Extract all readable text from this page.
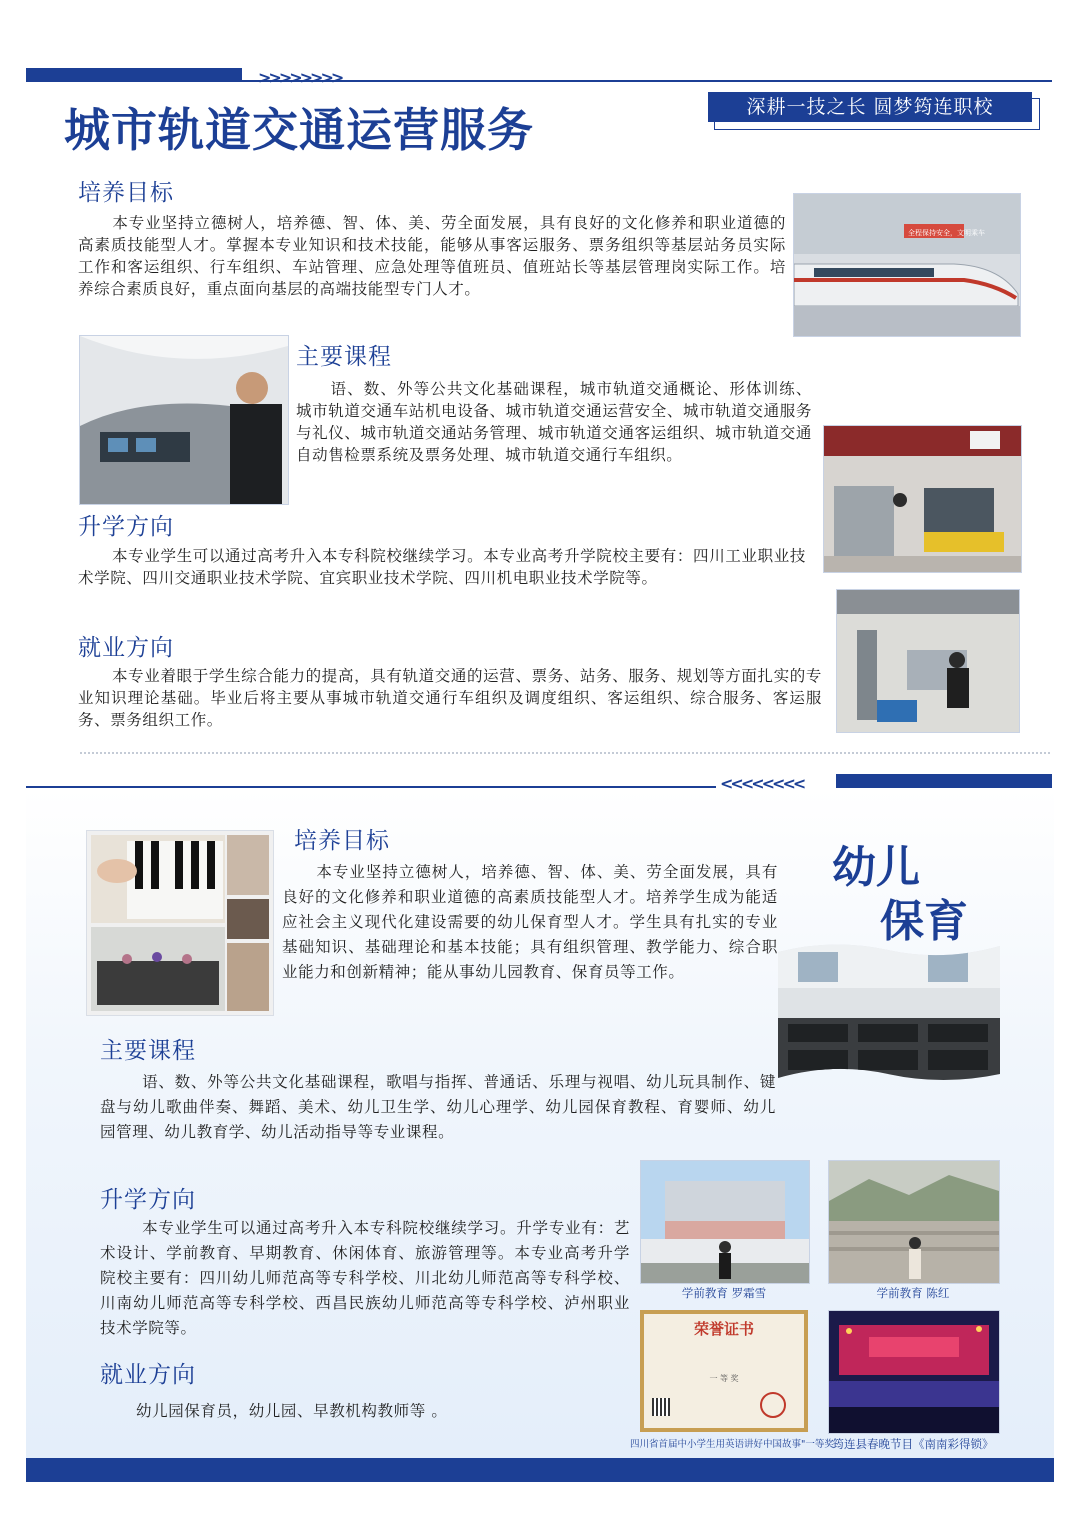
>>>>>>>>
深耕一技之长 圆梦筠连职校
城市轨道交通运营服务
培养目标

本专业坚持立德树人，培养德、智、体、美、劳全面发展，具有良好的文化修养和职业道德的高素质技能型人才。掌握本专业知识和技术技能，能够从事客运服务、票务组织等基层站务员实际工作和客运组织、行车组织、车站管理、应急处理等值班员、值班站长等基层管理岗实际工作。培养综合素质良好，重点面向基层的高端技能型专门人才。

全程保持安全，文明乘车
主要课程

语、数、外等公共文化基础课程，城市轨道交通概论、形体训练、城市轨道交通车站机电设备、城市轨道交通运营安全、城市轨道交通服务与礼仪、城市轨道交通站务管理、城市轨道交通客运组织、城市轨道交通自动售检票系统及票务处理、城市轨道交通行车组织。

升学方向

本专业学生可以通过高考升入本专科院校继续学习。本专业高考升学院校主要有：四川工业职业技术学院、四川交通职业技术学院、宜宾职业技术学院、四川机电职业技术学院等。

就业方向

本专业着眼于学生综合能力的提高，具有轨道交通的运营、票务、站务、服务、规划等方面扎实的专业知识理论基础。毕业后将主要从事城市轨道交通行车组织及调度组织、客运组织、综合服务、客运服务、票务组织工作。

<<<<<<<<
幼儿
保育
培养目标

本专业坚持立德树人，培养德、智、体、美、劳全面发展，具有良好的文化修养和职业道德的高素质技能型人才。培养学生成为能适应社会主义现代化建设需要的幼儿保育型人才。学生具有扎实的专业基础知识、基础理论和基本技能；具有组织管理、教学能力、综合职业能力和创新精神；能从事幼儿园教育、保育员等工作。

主要课程

语、数、外等公共文化基础课程，歌唱与指挥、普通话、乐理与视唱、幼儿玩具制作、键盘与幼儿歌曲伴奏、舞蹈、美术、幼儿卫生学、幼儿心理学、幼儿园保育教程、育婴师、幼儿园管理、幼儿教育学、幼儿活动指导等专业课程。

升学方向

本专业学生可以通过高考升入本专科院校继续学习。升学专业有：艺术设计、学前教育、早期教育、休闲体育、旅游管理等。本专业高考升学院校主要有：四川幼儿师范高等专科学校、川北幼儿师范高等专科学校、川南幼儿师范高等专科学校、西昌民族幼儿师范高等专科学校、泸州职业技术学院等。

就业方向

幼儿园保育员，幼儿园、早教机构教师等 。

学前教育 罗霜雪	学前教育 陈红
荣誉证书
一 等 奖
四川省首届中小学生用英语讲好中国故事"一等奖
筠连县春晚节目《南南彩得锁》
